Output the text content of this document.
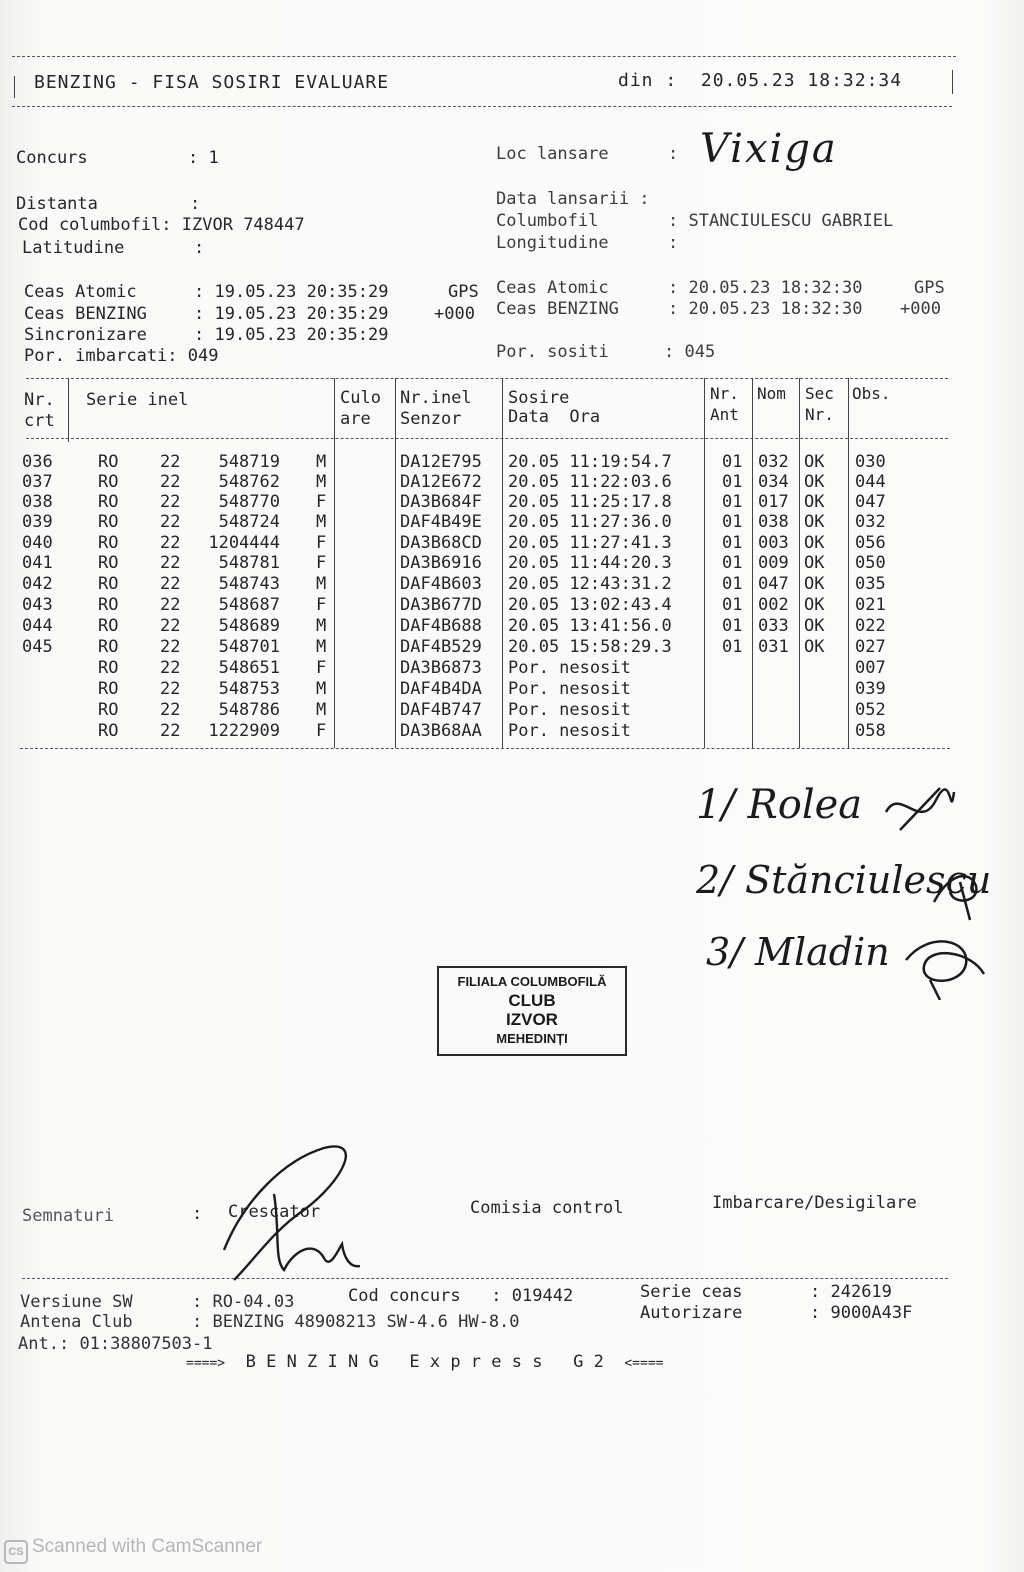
BENZING - FISA SOSIRI EVALUARE	din : 20.05.23 18:32:34
Concurs	: 1
Distanta	:
Cod columbofil: IZVOR 748447
Latitudine	:
Loc lansare	: Vixiga
Data lansarii :
Columbofil	: STANCIULESCU GABRIEL
Longitudine	:
Ceas Atomic	: 19.05.23 20:35:29	GPS Ceas Atomic	: 20.05.23 18:32:30	GPS
Ceas BENZING	: 19.05.23 20:35:29	+000 Ceas BENZING	: 20.05.23 18:32:30 +000
Sincronizare	: 19.05.23 20:35:29
Por. imbarcati: 049	Por. sositi	: 045
Nr.
crt
Serie inel	Culo
are
Nr.inel
Senzor
Sosire
Data  Ora
Nr.
Ant
Nom Sec
Nr.
Obs.
036	RO 22	548719 M	DA12E795 20.05 11:19:54.7	01 032 OK 030
037	RO 22	548762 M	DA12E672 20.05 11:22:03.6	01 034 OK 044
038	RO 22	548770 F	DA3B684F 20.05 11:25:17.8	01 017 OK 047
039	RO 22	548724 M	DAF4B49E 20.05 11:27:36.0	01 038 OK 032
040	RO 22	1204444 F	DA3B68CD 20.05 11:27:41.3	01 003 OK 056
041	RO 22	548781 F	DA3B6916 20.05 11:44:20.3	01 009 OK 050
042	RO 22	548743 M	DAF4B603 20.05 12:43:31.2	01 047 OK 035
043	RO 22	548687 F	DA3B677D 20.05 13:02:43.4	01 002 OK 021
044	RO 22	548689 M	DAF4B688 20.05 13:41:56.0	01 033 OK 022
045	RO 22	548701 M	DAF4B529 20.05 15:58:29.3	01 031 OK 027
RO 22	548651 F	DA3B6873 Por. nesosit	007
RO 22	548753 M	DAF4B4DA Por. nesosit	039
RO 22	548786 M	DAF4B747 Por. nesosit	052
RO 22	1222909 F	DA3B68AA Por. nesosit	058
1/ Rolea
2/ Stănciulescu
3/ Mladin
FILIALA COLUMBOFILĂ
CLUB
IZVOR
MEHEDINȚI
Semnaturi	: Crescator	Comisia control	Imbarcare/Desigilare
Versiune SW	: RO-04.03	Cod concurs   : 019442	Serie ceas	: 242619
Antena Club	: BENZING 48908213 SW-4.6 HW-8.0	Autorizare	: 9000A43F
Ant.: 01:38807503-1
====> B E N Z I N G   E x p r e s s   G 2 <====
CS Scanned with CamScanner
